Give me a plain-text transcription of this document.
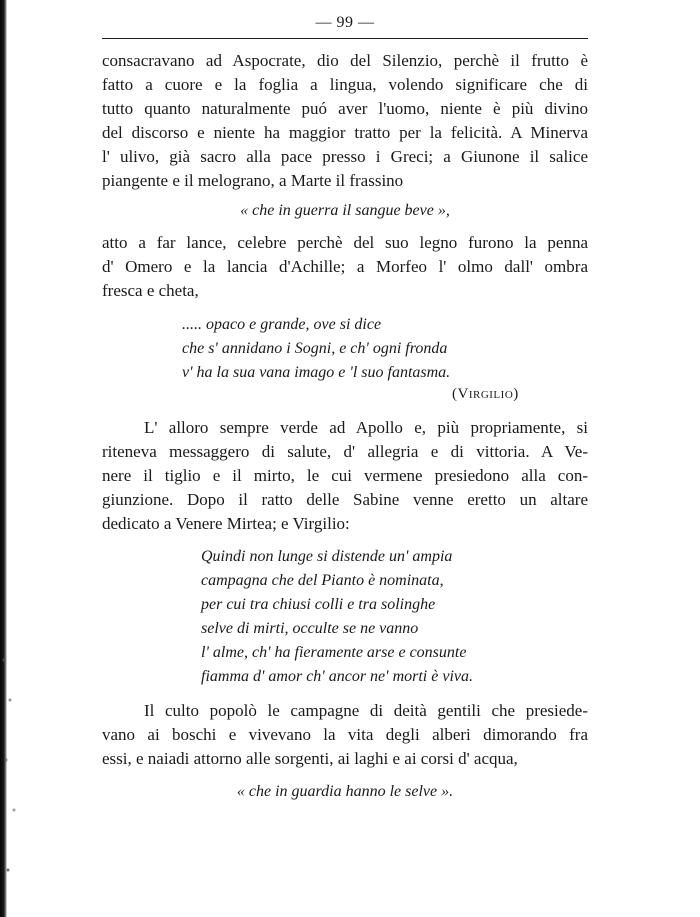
— 99 —
consacravano ad Aspocrate, dio del Silenzio, perchè il frutto è
fatto a cuore e la foglia a lingua, volendo significare che di
tutto quanto naturalmente puó aver l'uomo, niente è più divino
del discorso e niente ha maggior tratto per la felicità. A Minerva
l' ulivo, già sacro alla pace presso i Greci; a Giunone il salice
piangente e il melograno, a Marte il frassino
« che in guerra il sangue beve »,
atto a far lance, celebre perchè del suo legno furono la penna
d' Omero e la lancia d'Achille; a Morfeo l' olmo dall' ombra
fresca e cheta,
..... opaco e grande, ove si dice
che s' annidano i Sogni, e ch' ogni fronda
v' ha la sua vana imago e 'l suo fantasma.
(Virgilio)
L' alloro sempre verde ad Apollo e, più propriamente, si
riteneva messaggero di salute, d' allegria e di vittoria. A Ve-
nere il tiglio e il mirto, le cui vermene presiedono alla con-
giunzione. Dopo il ratto delle Sabine venne eretto un altare
dedicato a Venere Mirtea; e Virgilio:
Quindi non lunge si distende un' ampia
campagna che del Pianto è nominata,
per cui tra chiusi colli e tra solinghe
selve di mirti, occulte se ne vanno
l' alme, ch' ha fieramente arse e consunte
fiamma d' amor ch' ancor ne' morti è viva.
Il culto popolò le campagne di deità gentili che presiede-
vano ai boschi e vivevano la vita degli alberi dimorando fra
essi, e naiadi attorno alle sorgenti, ai laghi e ai corsi d' acqua,
« che in guardia hanno le selve ».
